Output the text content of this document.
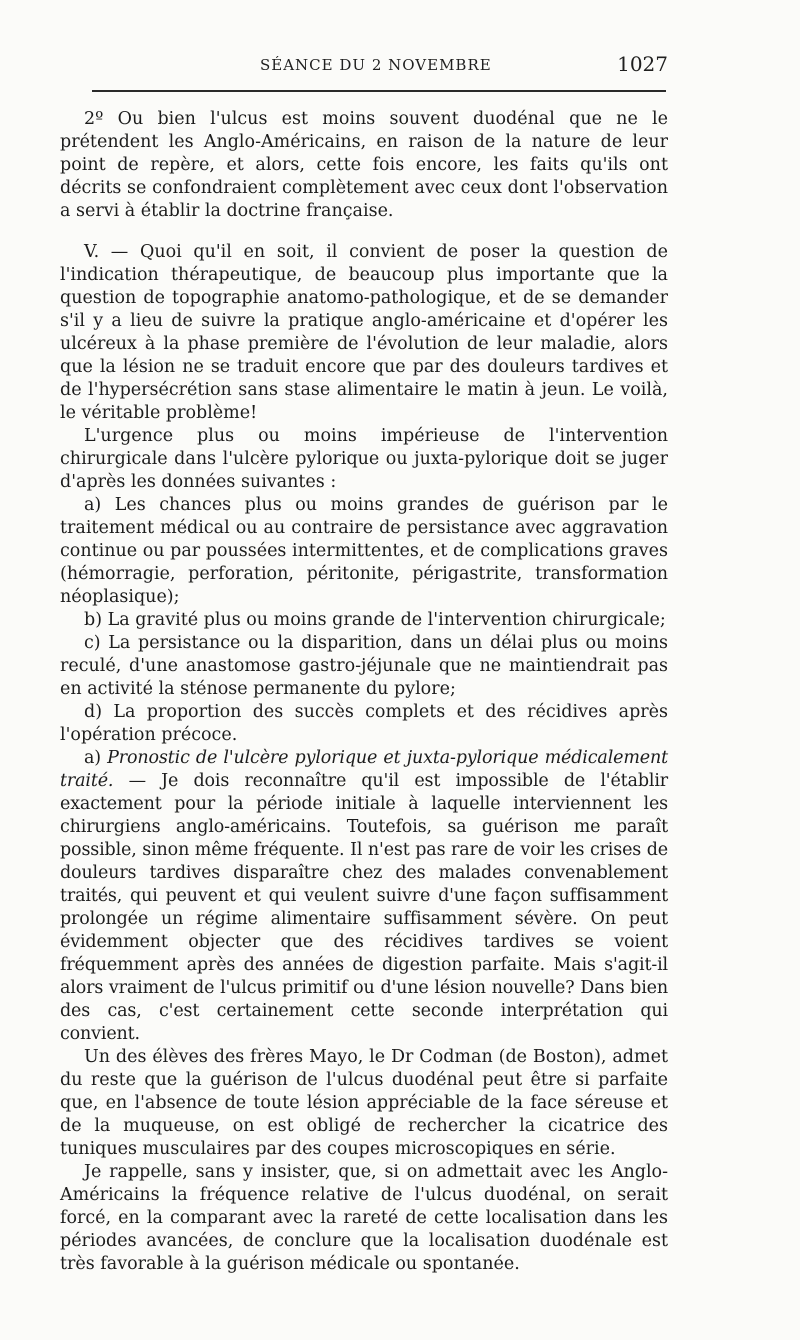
SÉANCE DU 2 NOVEMBRE	1027

2º Ou bien l'ulcus est moins souvent duodénal que ne le prétendent les Anglo-Américains, en raison de la nature de leur point de repère, et alors, cette fois encore, les faits qu'ils ont décrits se confondraient complètement avec ceux dont l'observation a servi à établir la doctrine française.

V. — Quoi qu'il en soit, il convient de poser la question de l'indication thérapeutique, de beaucoup plus importante que la question de topographie anatomo-pathologique, et de se demander s'il y a lieu de suivre la pratique anglo-américaine et d'opérer les ulcéreux à la phase première de l'évolution de leur maladie, alors que la lésion ne se traduit encore que par des douleurs tardives et de l'hypersécrétion sans stase alimentaire le matin à jeun. Le voilà, le véritable problème!

L'urgence plus ou moins impérieuse de l'intervention chirurgicale dans l'ulcère pylorique ou juxta-pylorique doit se juger d'après les données suivantes :

a) Les chances plus ou moins grandes de guérison par le traitement médical ou au contraire de persistance avec aggravation continue ou par poussées intermittentes, et de complications graves (hémorragie, perforation, péritonite, périgastrite, transformation néoplasique);

b) La gravité plus ou moins grande de l'intervention chirurgicale;

c) La persistance ou la disparition, dans un délai plus ou moins reculé, d'une anastomose gastro-jéjunale que ne maintiendrait pas en activité la sténose permanente du pylore;

d) La proportion des succès complets et des récidives après l'opération précoce.

a) Pronostic de l'ulcère pylorique et juxta-pylorique médicalement traité. — Je dois reconnaître qu'il est impossible de l'établir exactement pour la période initiale à laquelle interviennent les chirurgiens anglo-américains. Toutefois, sa guérison me paraît possible, sinon même fréquente. Il n'est pas rare de voir les crises de douleurs tardives disparaître chez des malades convenablement traités, qui peuvent et qui veulent suivre d'une façon suffisamment prolongée un régime alimentaire suffisamment sévère. On peut évidemment objecter que des récidives tardives se voient fréquemment après des années de digestion parfaite. Mais s'agit-il alors vraiment de l'ulcus primitif ou d'une lésion nouvelle? Dans bien des cas, c'est certainement cette seconde interprétation qui convient.

Un des élèves des frères Mayo, le Dr Codman (de Boston), admet du reste que la guérison de l'ulcus duodénal peut être si parfaite que, en l'absence de toute lésion appréciable de la face séreuse et de la muqueuse, on est obligé de rechercher la cicatrice des tuniques musculaires par des coupes microscopiques en série.

Je rappelle, sans y insister, que, si on admettait avec les Anglo-Américains la fréquence relative de l'ulcus duodénal, on serait forcé, en la comparant avec la rareté de cette localisation dans les périodes avancées, de conclure que la localisation duodénale est très favorable à la guérison médicale ou spontanée.
